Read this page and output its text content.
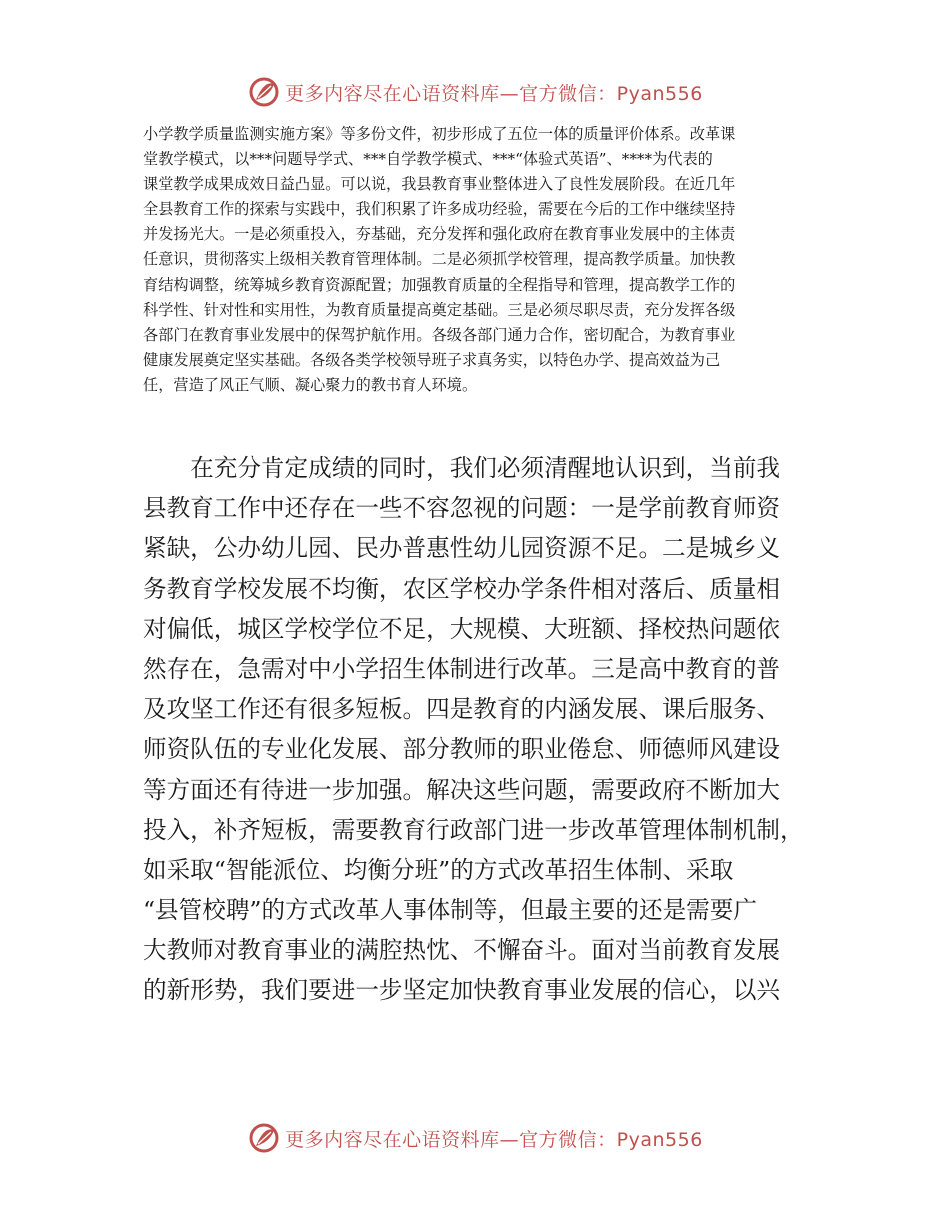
更多内容尽在心语资料库—官方微信：Pyan556
小学教学质量监测实施方案》等多份文件，初步形成了五位一体的质量评价体系。改革课
堂教学模式，以***问题导学式、***自学教学模式、***“体验式英语”、****为代表的
课堂教学成果成效日益凸显。可以说，我县教育事业整体进入了良性发展阶段。在近几年
全县教育工作的探索与实践中，我们积累了许多成功经验，需要在今后的工作中继续坚持
并发扬光大。一是必须重投入，夯基础，充分发挥和强化政府在教育事业发展中的主体责
任意识，贯彻落实上级相关教育管理体制。二是必须抓学校管理，提高教学质量。加快教
育结构调整，统筹城乡教育资源配置；加强教育质量的全程指导和管理，提高教学工作的
科学性、针对性和实用性，为教育质量提高奠定基础。三是必须尽职尽责，充分发挥各级
各部门在教育事业发展中的保驾护航作用。各级各部门通力合作，密切配合，为教育事业
健康发展奠定坚实基础。各级各类学校领导班子求真务实，以特色办学、提高效益为己
任，营造了风正气顺、凝心聚力的教书育人环境。
　　在充分肯定成绩的同时，我们必须清醒地认识到，当前我
县教育工作中还存在一些不容忽视的问题：一是学前教育师资
紧缺，公办幼儿园、民办普惠性幼儿园资源不足。二是城乡义
务教育学校发展不均衡，农区学校办学条件相对落后、质量相
对偏低，城区学校学位不足，大规模、大班额、择校热问题依
然存在，急需对中小学招生体制进行改革。三是高中教育的普
及攻坚工作还有很多短板。四是教育的内涵发展、课后服务、
师资队伍的专业化发展、部分教师的职业倦怠、师德师风建设
等方面还有待进一步加强。解决这些问题，需要政府不断加大
投入，补齐短板，需要教育行政部门进一步改革管理体制机制，
如采取“智能派位、均衡分班”的方式改革招生体制、采取
“县管校聘”的方式改革人事体制等，但最主要的还是需要广
大教师对教育事业的满腔热忱、不懈奋斗。面对当前教育发展
的新形势，我们要进一步坚定加快教育事业发展的信心，以兴
更多内容尽在心语资料库—官方微信：Pyan556
